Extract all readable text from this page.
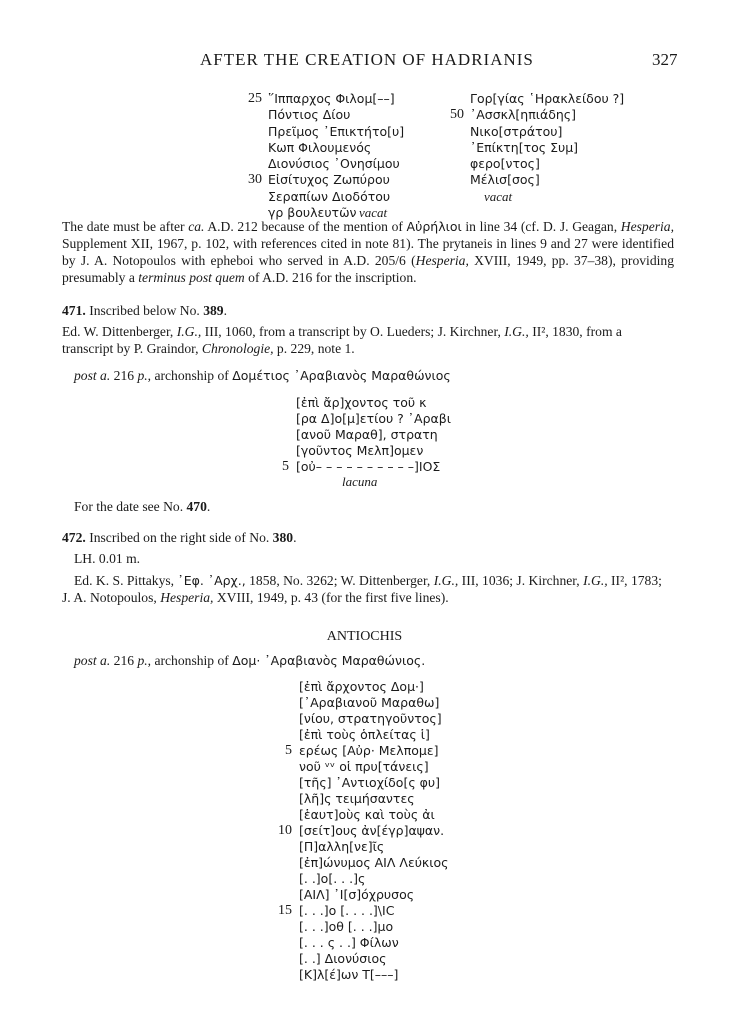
AFTER THE CREATION OF HADRIANIS	327
25 ῞Ιππαρχος Φιλομ[––]
Πόντιος Δίου
Πρεῖμος ᾿Επικτήτο[υ]
Κωπ Φιλουμενός
Διονύσιος ᾿Ονησίμου
30 Εἰσίτυχος Ζωπύρου
Σεραπίων Διοδότου
γρ βουλευτῶν vacat
Γορ[γίας ῾Ηρακλείδου ?]
50 ᾿Ασσκλ[ηπιάδης]
Νικο[στράτου]
᾿Επίκτη[τος Συμ]
φερο[ντος]
Μέλισ[σος]
vacat
The date must be after ca. A.D. 212 because of the mention of Αὐρήλιοι in line 34 (cf. D. J. Geagan, Hesperia, Supplement XII, 1967, p. 102, with references cited in note 81). The prytaneis in lines 9 and 27 were identified by J. A. Notopoulos with epheboi who served in A.D. 205/6 (Hesperia, XVIII, 1949, pp. 37–38), providing presumably a terminus post quem of A.D. 216 for the inscription.
471. Inscribed below No. 389.
Ed. W. Dittenberger, I.G., III, 1060, from a transcript by O. Lueders; J. Kirchner, I.G., II², 1830, from a
transcript by P. Graindor, Chronologie, p. 229, note 1.
post a. 216 p., archonship of Δομέτιος ᾿Αραβιανὸς Μαραθώνιος
[ἐπὶ ἄρ]χοντος τοῦ κ
[ρα Δ]ο[μ]ετίου ? ᾿Αραβι
[ανοῦ Μαραθ], στρατη
[γοῦντος Μελπ]ομεν
5 [οὐ– – – – – – – – – –]ΙΟΣ
lacuna
For the date see No. 470.
472. Inscribed on the right side of No. 380.
LH. 0.01 m.
Ed. K. S. Pittakys, ᾿Εφ. ᾿Αρχ., 1858, No. 3262; W. Dittenberger, I.G., III, 1036; J. Kirchner, I.G., II², 1783;
J. A. Notopoulos, Hesperia, XVIII, 1949, p. 43 (for the first five lines).
ANTIOCHIS
post a. 216 p., archonship of Δομ· ᾿Αραβιανὸς Μαραθώνιος.
[ἐπὶ ἄρχοντος Δομ·]
[᾿Αραβιανοῦ Μαραθω]
[νίου, στρατηγοῦντος]
[ἐπὶ τοὺς ὁπλείτας ἱ]
5 ερέως [Αὐρ· Μελπομε]
νοῦ ᵛᵛ οἱ πρυ[τάνεις]
[τῆς] ᾿Αντιοχίδο[ς φυ]
[λῆ]ς τειμήσαντες
[ἑαυτ]οὺς καὶ τοὺς ἀι
10 [σείτ]ους ἀν[έγρ]αψαν.
[Π]αλλη[νε]ῖς
[ἐπ]ώνυμος ΑΙΛ Λεύκιος
[. .]ο[. . .]ς
[ΑΙΛ] ᾿Ι[σ]όχρυσος
15 [. . .]ο [. . . .]\ΙC
[. . .]οθ [. . .]μο
[. . . ς . .] Φίλων
[. .] Διονύσιος
[Κ]λ[έ]ων Τ[–––]
